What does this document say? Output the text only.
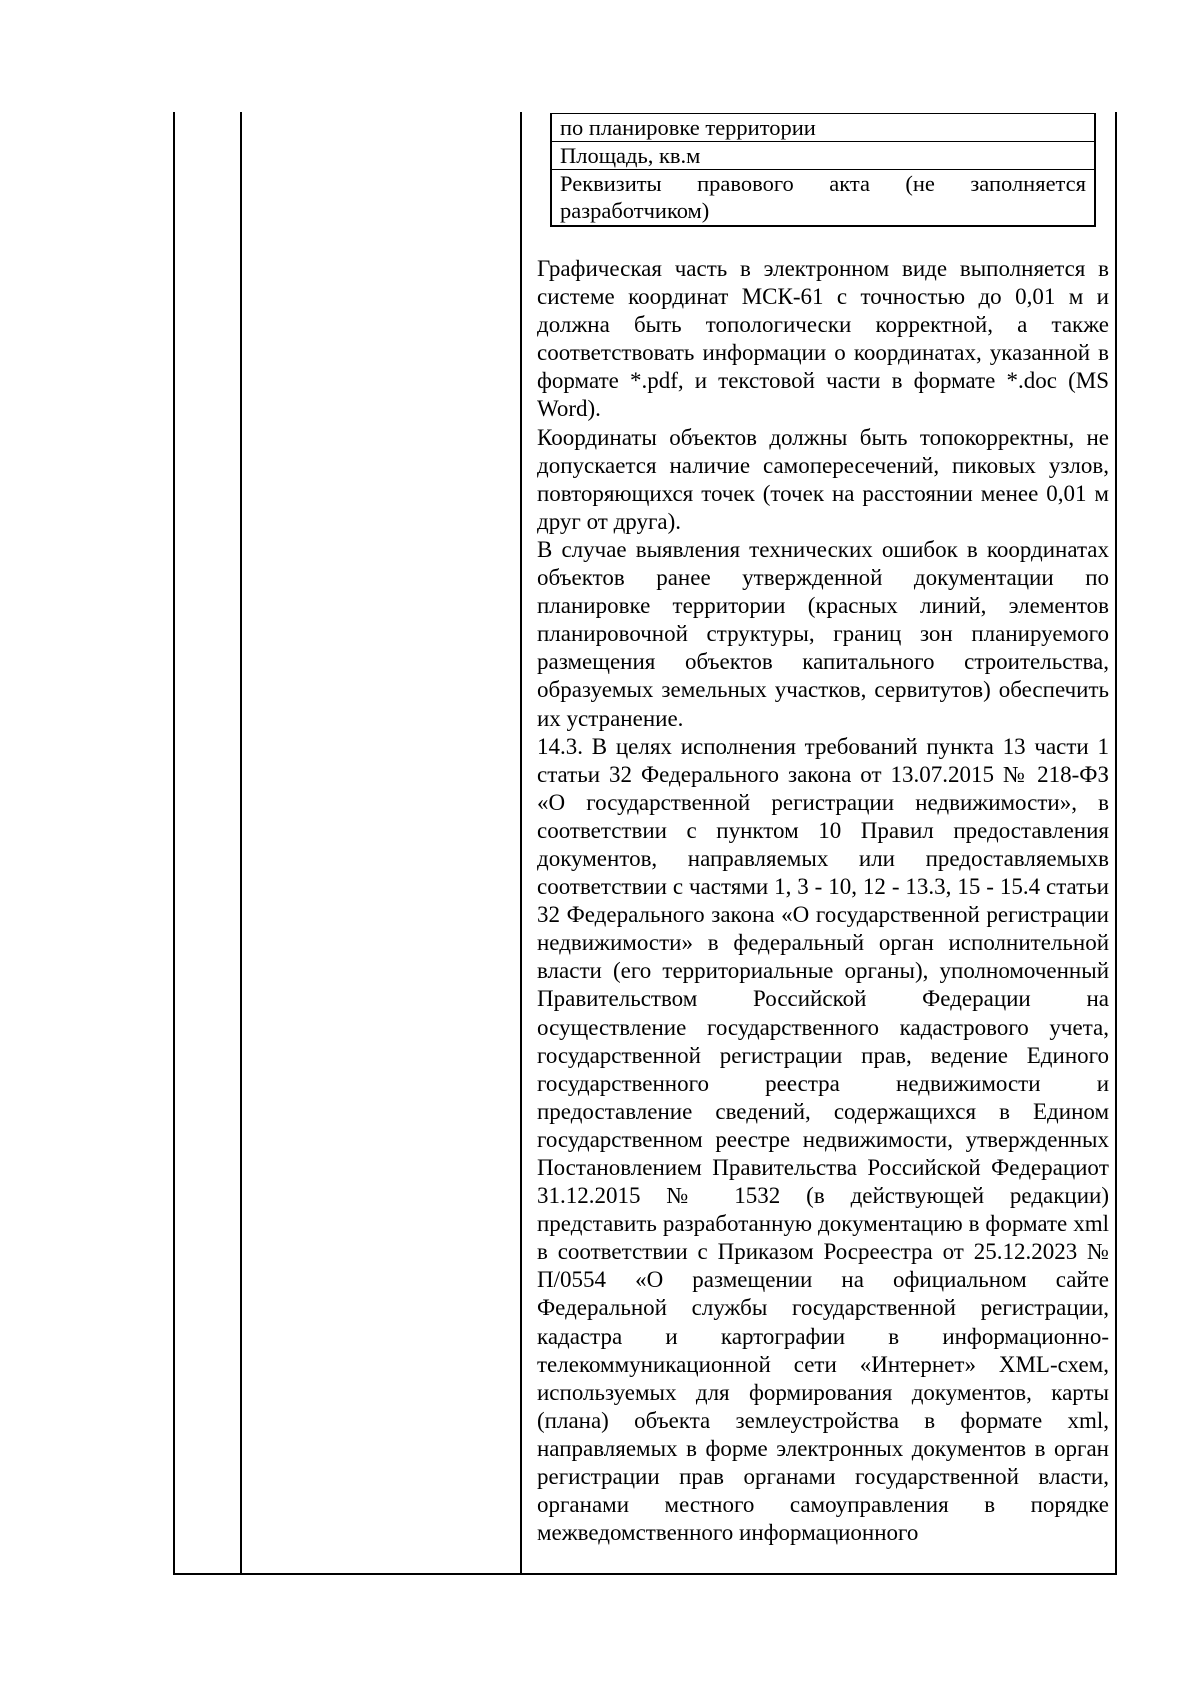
по планировке территории
Площадь, кв.м
Реквизиты правового акта (не заполняется разработчиком)

Графическая часть в электронном виде выполняется в системе координат МСК-61 с точностью до 0,01 м и должна быть топологически корректной, а также соответствовать информации о координатах, указанной в формате *.pdf, и текстовой части в формате *.doc (MS Word).

Координаты объектов должны быть топокорректны, не допускается наличие самопересечений, пиковых узлов, повторяющихся точек (точек на расстоянии менее 0,01 м друг от друга).

В случае выявления технических ошибок в координатах объектов ранее утвержденной документации по планировке территории (красных линий, элементов планировочной структуры, границ зон планируемого размещения объектов капитального строительства, образуемых земельных участков, сервитутов) обеспечить их устранение.

14.3. В целях исполнения требований пункта 13 части 1 статьи 32 Федерального закона от 13.07.2015 № 218-ФЗ «О государственной регистрации недвижимости», в соответствии с пунктом 10 Правил предоставления документов, направляемых или предоставляемыхв соответствии с частями 1, 3 - 10, 12 - 13.3, 15 - 15.4 статьи 32 Федерального закона «О государственной регистрации недвижимости» в федеральный орган исполнительной власти (его территориальные органы), уполномоченный Правительством Российской Федерации на осуществление государственного кадастрового учета, государственной регистрации прав, ведение Единого государственного реестра недвижимости и предоставление сведений, содержащихся в Едином государственном реестре недвижимости, утвержденных Постановлением Правительства Российской Федерациoт 31.12.2015 № 1532 (в действующей редакции) представить разработанную документацию в формате xml в соответствии с Приказом Росреестра от 25.12.2023 № П/0554 «О размещении на официальном сайте Федеральной службы государственной регистрации, кадастра и картографии в информационно-телекоммуникационной сети «Интернет» XML-схем, используемых для формирования документов, карты (плана) объекта землеустройства в формате xml, направляемых в форме электронных документов в орган регистрации прав органами государственной власти, органами местного самоуправления в порядке межведомственного информационного
